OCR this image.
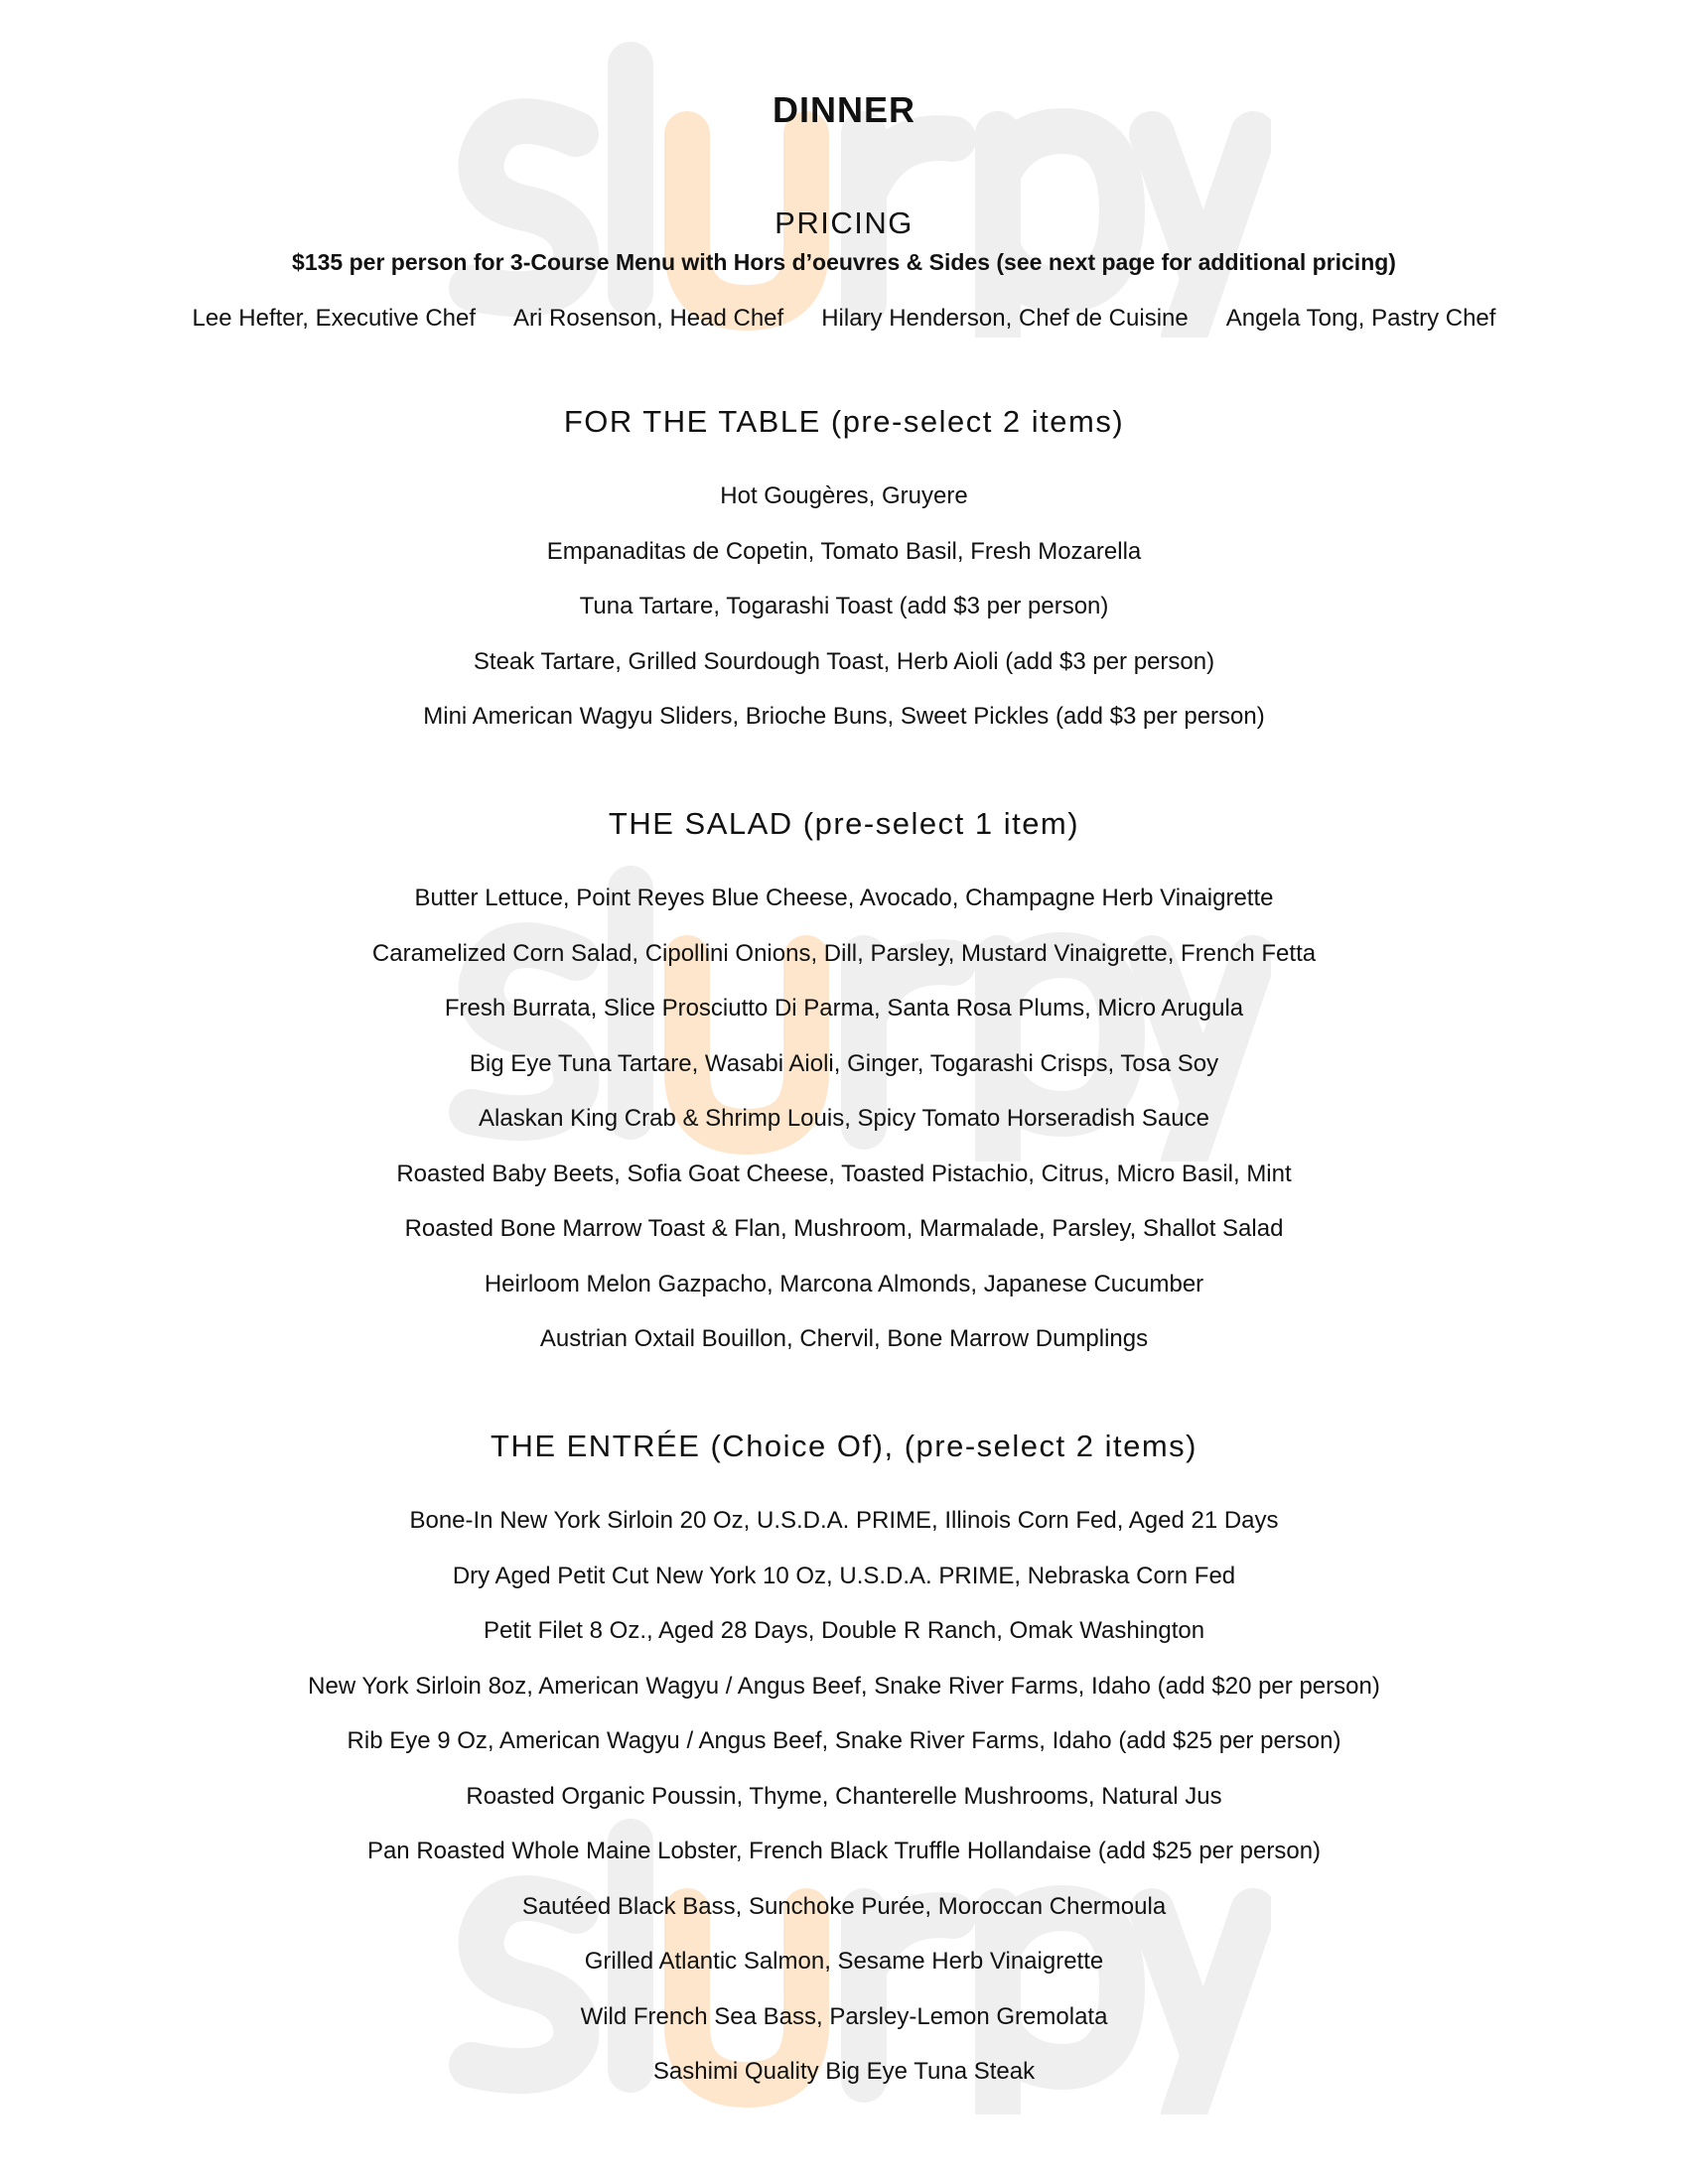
DINNER
PRICING
$135 per person for 3-Course Menu with Hors d’oeuvres & Sides (see next page for additional pricing)
Lee Hefter, Executive Chef Ari Rosenson, Head Chef Hilary Henderson, Chef de Cuisine Angela Tong, Pastry Chef
FOR THE TABLE (pre-select 2 items)
Hot Gougères, Gruyere
Empanaditas de Copetin, Tomato Basil, Fresh Mozarella
Tuna Tartare, Togarashi Toast (add $3 per person)
Steak Tartare, Grilled Sourdough Toast, Herb Aioli (add $3 per person)
Mini American Wagyu Sliders, Brioche Buns, Sweet Pickles (add $3 per person)
THE SALAD (pre-select 1 item)
Butter Lettuce, Point Reyes Blue Cheese, Avocado, Champagne Herb Vinaigrette
Caramelized Corn Salad, Cipollini Onions, Dill, Parsley, Mustard Vinaigrette, French Fetta
Fresh Burrata, Slice Prosciutto Di Parma, Santa Rosa Plums, Micro Arugula
Big Eye Tuna Tartare, Wasabi Aioli, Ginger, Togarashi Crisps, Tosa Soy
Alaskan King Crab & Shrimp Louis, Spicy Tomato Horseradish Sauce
Roasted Baby Beets, Sofia Goat Cheese, Toasted Pistachio, Citrus, Micro Basil, Mint
Roasted Bone Marrow Toast & Flan, Mushroom, Marmalade, Parsley, Shallot Salad
Heirloom Melon Gazpacho, Marcona Almonds, Japanese Cucumber
Austrian Oxtail Bouillon, Chervil, Bone Marrow Dumplings
THE ENTRÉE (Choice Of), (pre-select 2 items)
Bone-In New York Sirloin 20 Oz, U.S.D.A. PRIME, Illinois Corn Fed, Aged 21 Days
Dry Aged Petit Cut New York 10 Oz, U.S.D.A. PRIME, Nebraska Corn Fed
Petit Filet 8 Oz., Aged 28 Days, Double R Ranch, Omak Washington
New York Sirloin 8oz, American Wagyu / Angus Beef, Snake River Farms, Idaho (add $20 per person)
Rib Eye 9 Oz, American Wagyu / Angus Beef, Snake River Farms, Idaho (add $25 per person)
Roasted Organic Poussin, Thyme, Chanterelle Mushrooms, Natural Jus
Pan Roasted Whole Maine Lobster, French Black Truffle Hollandaise (add $25 per person)
Sautéed Black Bass, Sunchoke Purée, Moroccan Chermoula
Grilled Atlantic Salmon, Sesame Herb Vinaigrette
Wild French Sea Bass, Parsley-Lemon Gremolata
Sashimi Quality Big Eye Tuna Steak
